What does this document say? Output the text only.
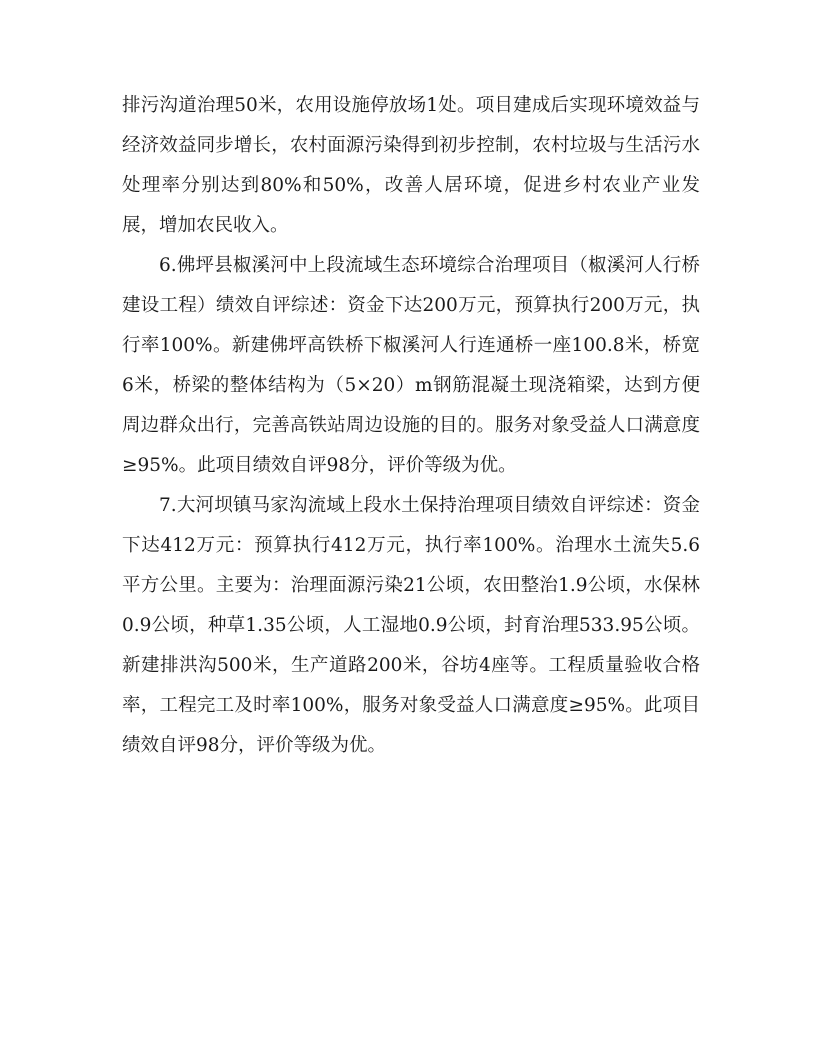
排污沟道治理50米，农用设施停放场1处。项目建成后实现环境效益与经济效益同步增长，农村面源污染得到初步控制，农村垃圾与生活污水处理率分别达到80%和50%，改善人居环境，促进乡村农业产业发展，增加农民收入。

6.佛坪县椒溪河中上段流域生态环境综合治理项目（椒溪河人行桥建设工程）绩效自评综述：资金下达200万元，预算执行200万元，执行率100%。新建佛坪高铁桥下椒溪河人行连通桥一座100.8米，桥宽6米，桥梁的整体结构为（5×20）m钢筋混凝土现浇箱梁，达到方便周边群众出行，完善高铁站周边设施的目的。服务对象受益人口满意度≥95%。此项目绩效自评98分，评价等级为优。

7.大河坝镇马家沟流域上段水土保持治理项目绩效自评综述：资金下达412万元：预算执行412万元，执行率100%。治理水土流失5.6平方公里。主要为：治理面源污染21公顷，农田整治1.9公顷，水保林0.9公顷，种草1.35公顷，人工湿地0.9公顷，封育治理533.95公顷。新建排洪沟500米，生产道路200米，谷坊4座等。工程质量验收合格率，工程完工及时率100%，服务对象受益人口满意度≥95%。此项目绩效自评98分，评价等级为优。
